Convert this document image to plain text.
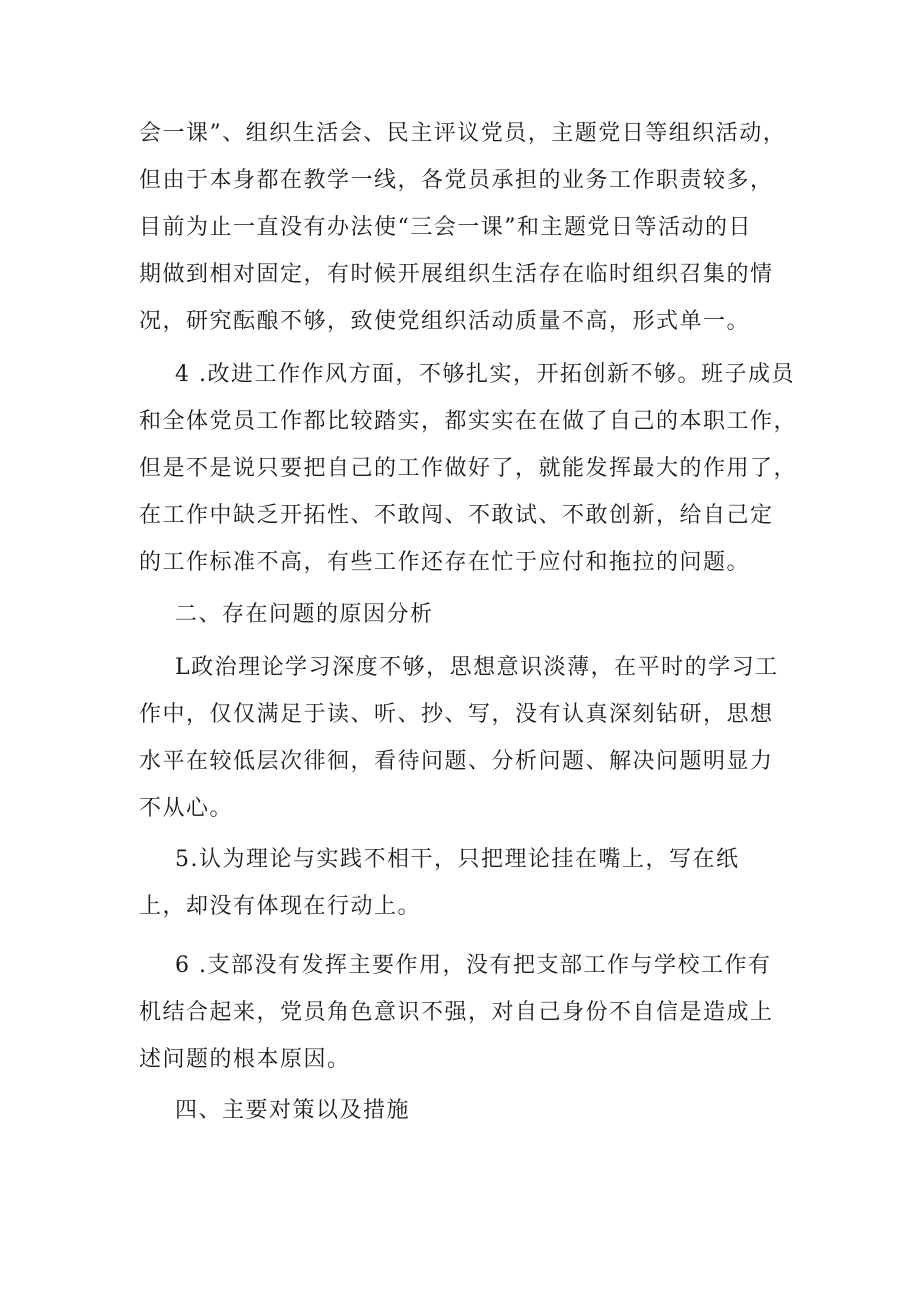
会一课”、组织生活会、民主评议党员，主题党日等组织活动，
但由于本身都在教学一线，各党员承担的业务工作职责较多，
目前为止一直没有办法使“三会一课”和主题党日等活动的日
期做到相对固定，有时候开展组织生活存在临时组织召集的情
况，研究酝酿不够，致使党组织活动质量不高，形式单一。
4 .改进工作作风方面，不够扎实，开拓创新不够。班子成员
和全体党员工作都比较踏实，都实实在在做了自己的本职工作，
但是不是说只要把自己的工作做好了，就能发挥最大的作用了，
在工作中缺乏开拓性、不敢闯、不敢试、不敢创新，给自己定
的工作标准不高，有些工作还存在忙于应付和拖拉的问题。
二、存在问题的原因分析
L政治理论学习深度不够，思想意识淡薄，在平时的学习工
作中，仅仅满足于读、听、抄、写，没有认真深刻钻研，思想
水平在较低层次徘徊，看待问题、分析问题、解决问题明显力
不从心。
5.认为理论与实践不相干，只把理论挂在嘴上，写在纸
上，却没有体现在行动上。
6 .支部没有发挥主要作用，没有把支部工作与学校工作有
机结合起来，党员角色意识不强，对自己身份不自信是造成上
述问题的根本原因。
四、主要对策以及措施
